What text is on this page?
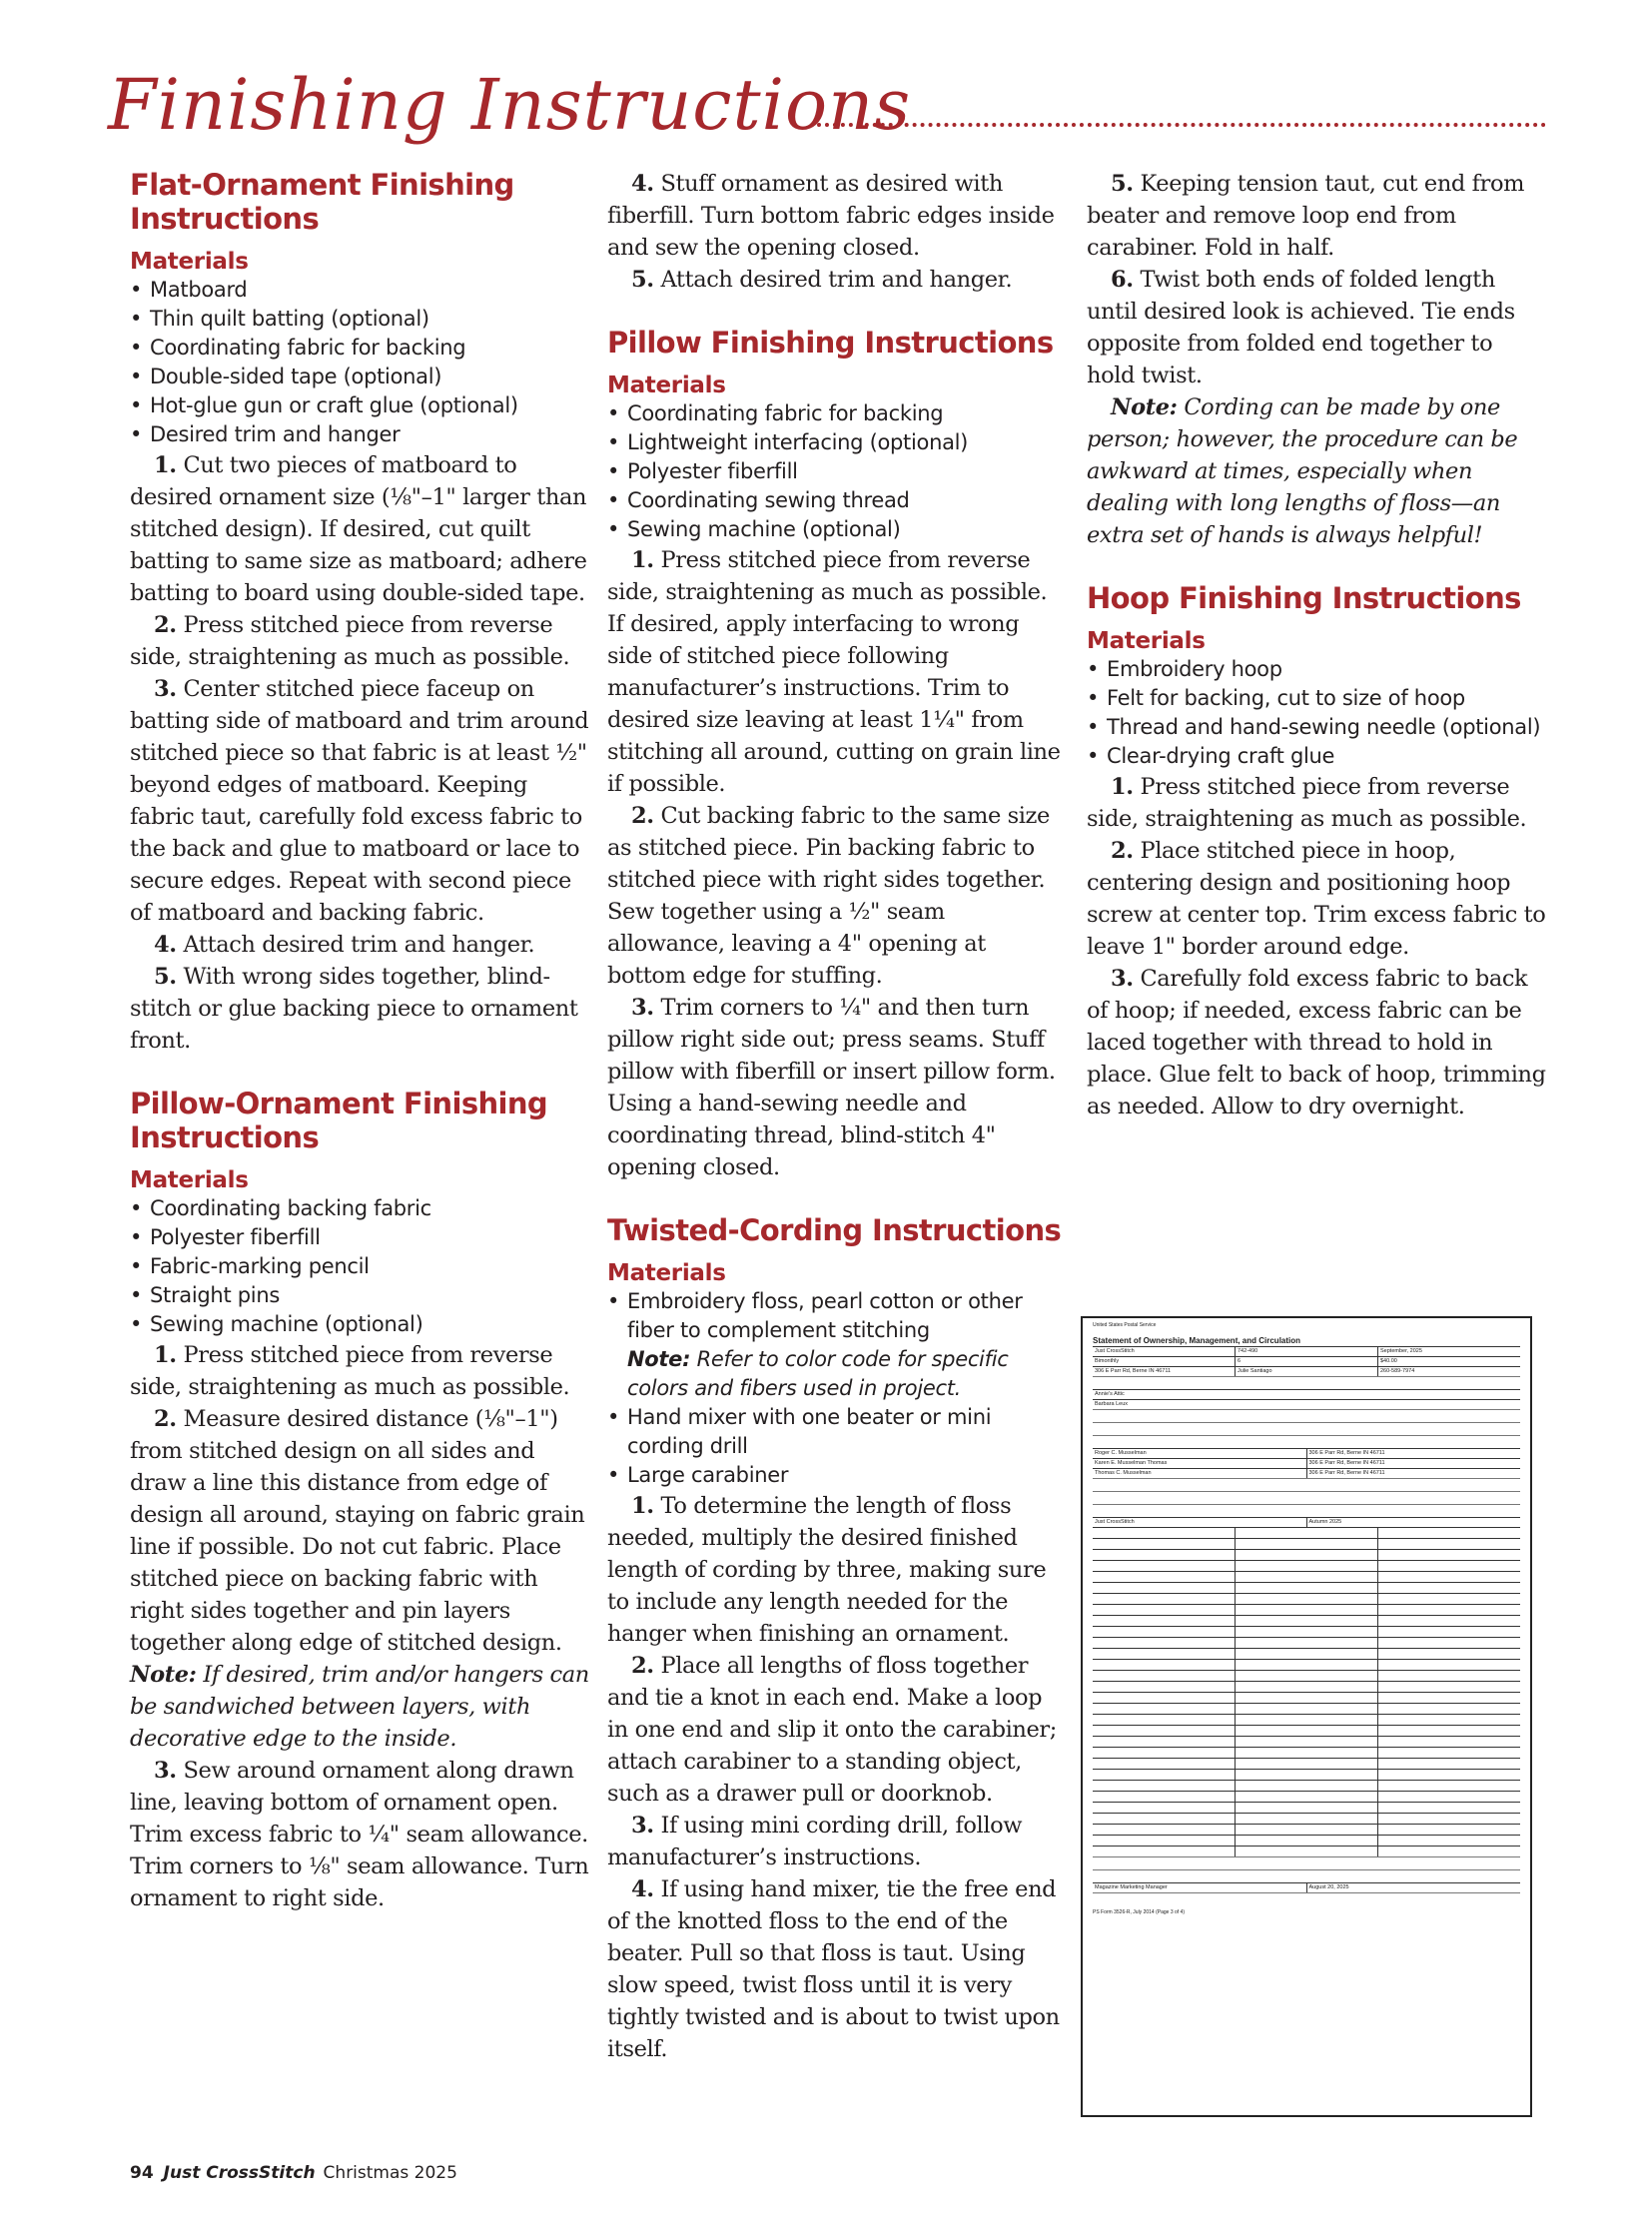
Finishing Instructions
Flat-Ornament Finishing Instructions
Materials
• Matboard
• Thin quilt batting (optional)
• Coordinating fabric for backing
• Double-sided tape (optional)
• Hot-glue gun or craft glue (optional)
• Desired trim and hanger

1. Cut two pieces of matboard to desired ornament size (⅛"–1" larger than stitched design). If desired, cut quilt batting to same size as matboard; adhere batting to board using double-sided tape.

2. Press stitched piece from reverse side, straightening as much as possible.

3. Center stitched piece faceup on batting side of matboard and trim around stitched piece so that fabric is at least ½" beyond edges of matboard. Keeping fabric taut, carefully fold excess fabric to the back and glue to matboard or lace to secure edges. Repeat with second piece of matboard and backing fabric.

4. Attach desired trim and hanger.

5. With wrong sides together, blind-stitch or glue backing piece to ornament front.

Pillow-Ornament Finishing Instructions
Materials
• Coordinating backing fabric
• Polyester fiberfill
• Fabric-marking pencil
• Straight pins
• Sewing machine (optional)

1. Press stitched piece from reverse side, straightening as much as possible.

2. Measure desired distance (⅛"–1") from stitched design on all sides and draw a line this distance from edge of design all around, staying on fabric grain line if possible. Do not cut fabric. Place stitched piece on backing fabric with right sides together and pin layers together along edge of stitched design. Note: If desired, trim and/or hangers can be sandwiched between layers, with decorative edge to the inside.

3. Sew around ornament along drawn line, leaving bottom of ornament open. Trim excess fabric to ¼" seam allowance. Trim corners to ⅛" seam allowance. Turn ornament to right side.

4. Stuff ornament as desired with fiberfill. Turn bottom fabric edges inside and sew the opening closed.

5. Attach desired trim and hanger.

Pillow Finishing Instructions
Materials
• Coordinating fabric for backing
• Lightweight interfacing (optional)
• Polyester fiberfill
• Coordinating sewing thread
• Sewing machine (optional)

1. Press stitched piece from reverse side, straightening as much as possible. If desired, apply interfacing to wrong side of stitched piece following manufacturer’s instructions. Trim to desired size leaving at least 1¼" from stitching all around, cutting on grain line if possible.

2. Cut backing fabric to the same size as stitched piece. Pin backing fabric to stitched piece with right sides together. Sew together using a ½" seam allowance, leaving a 4" opening at bottom edge for stuffing.

3. Trim corners to ¼" and then turn pillow right side out; press seams. Stuff pillow with fiberfill or insert pillow form. Using a hand-sewing needle and coordinating thread, blind-stitch 4" opening closed.

Twisted-Cording Instructions
Materials
• Embroidery floss, pearl cotton or other fiber to complement stitching
Note: Refer to color code for specific colors and fibers used in project.
• Hand mixer with one beater or mini cording drill
• Large carabiner

1. To determine the length of floss needed, multiply the desired finished length of cording by three, making sure to include any length needed for the hanger when finishing an ornament.

2. Place all lengths of floss together and tie a knot in each end. Make a loop in one end and slip it onto the carabiner; attach carabiner to a standing object, such as a drawer pull or doorknob.

3. If using mini cording drill, follow manufacturer’s instructions.

4. If using hand mixer, tie the free end of the knotted floss to the end of the beater. Pull so that floss is taut. Using slow speed, twist floss until it is very tightly twisted and is about to twist upon itself.

5. Keeping tension taut, cut end from beater and remove loop end from carabiner. Fold in half.

6. Twist both ends of folded length until desired look is achieved. Tie ends opposite from folded end together to hold twist.

Note: Cording can be made by one person; however, the procedure can be awkward at times, especially when dealing with long lengths of floss—an extra set of hands is always helpful!

Hoop Finishing Instructions
Materials
• Embroidery hoop
• Felt for backing, cut to size of hoop
• Thread and hand-sewing needle (optional)
• Clear-drying craft glue

1. Press stitched piece from reverse side, straightening as much as possible.

2. Place stitched piece in hoop, centering design and positioning hoop screw at center top. Trim excess fabric to leave 1" border around edge.

3. Carefully fold excess fabric to back of hoop; if needed, excess fabric can be laced together with thread to hold in place. Glue felt to back of hoop, trimming as needed. Allow to dry overnight.

United States Postal Service
Statement of Ownership, Management, and Circulation
Just CrossStitch	742-490	September, 2025
Bimonthly	6	$40.00
306 E Parr Rd, Berne IN 46711	Julie Santiago	260-589-7974
Annie's Attic
Barbara Leux
Roger C. Musselman	306 E Parr Rd, Berne IN 46711
Karen E. Musselman Thomas	306 E Parr Rd, Berne IN 46711
Thomas C. Musselman	306 E Parr Rd, Berne IN 46711
Just CrossStitch	Autumn 2025
Magazine Marketing Manager	August 20, 2025
PS Form 3526-R, July 2014 (Page 3 of 4)
94 Just CrossStitch Christmas 2025
